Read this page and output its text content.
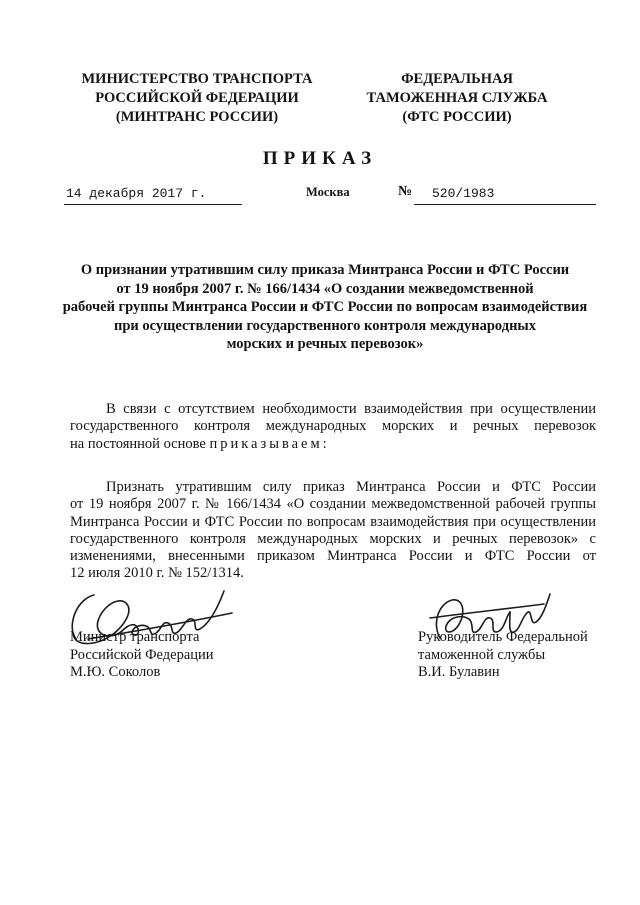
МИНИСТЕРСТВО ТРАНСПОРТА
РОССИЙСКОЙ ФЕДЕРАЦИИ
(МИНТРАНС РОССИИ)
ФЕДЕРАЛЬНАЯ
ТАМОЖЕННАЯ СЛУЖБА
(ФТС РОССИИ)
ПРИКАЗ
14 декабря 2017 г.	Москва	№ 520/1983
О признании утратившим силу приказа Минтранса России и ФТС России
от 19 ноября 2007 г. № 166/1434 «О создании межведомственной
рабочей группы Минтранса России и ФТС России по вопросам взаимодействия
при осуществлении государственного контроля международных
морских и речных перевозок»
В связи с отсутствием необходимости взаимодействия при осуществлении
государственного контроля международных морских и речных перевозок
на постоянной основе приказываем:
Признать утратившим силу приказ Минтранса России и ФТС России
от 19 ноября 2007 г. № 166/1434 «О создании межведомственной рабочей группы
Минтранса России и ФТС России по вопросам взаимодействия при осуществлении
государственного контроля международных морских и речных перевозок» с
изменениями, внесенными приказом Минтранса России и ФТС России от
12 июля 2010 г. № 152/1314.
Министр транспорта
Российской Федерации
М.Ю. Соколов
Руководитель Федеральной
таможенной службы
В.И. Булавин
